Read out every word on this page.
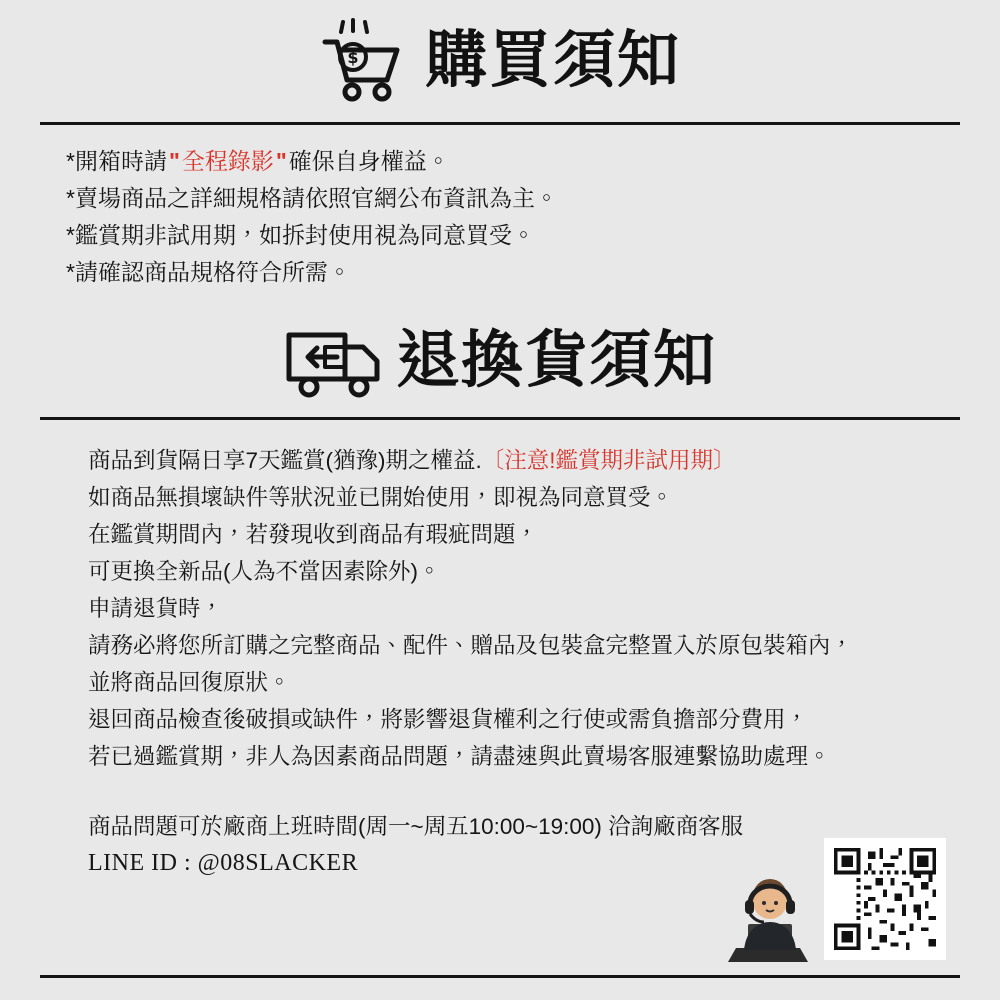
$ 購買須知
*開箱時請"全程錄影"確保自身權益。
*賣場商品之詳細規格請依照官網公布資訊為主。
*鑑賞期非試用期，如拆封使用視為同意買受。
*請確認商品規格符合所需。
退換貨須知
商品到貨隔日享7天鑑賞(猶豫)期之權益.〔注意!鑑賞期非試用期〕
如商品無損壞缺件等狀況並已開始使用，即視為同意買受。
在鑑賞期間內，若發現收到商品有瑕疵問題，
可更換全新品(人為不當因素除外)。
申請退貨時，
請務必將您所訂購之完整商品、配件、贈品及包裝盒完整置入於原包裝箱內，
並將商品回復原狀。
退回商品檢查後破損或缺件，將影響退貨權利之行使或需負擔部分費用，
若已過鑑賞期，非人為因素商品問題，請盡速與此賣場客服連繫協助處理。
商品問題可於廠商上班時間(周一~周五10:00~19:00) 洽詢廠商客服
LINE ID : @08SLACKER
